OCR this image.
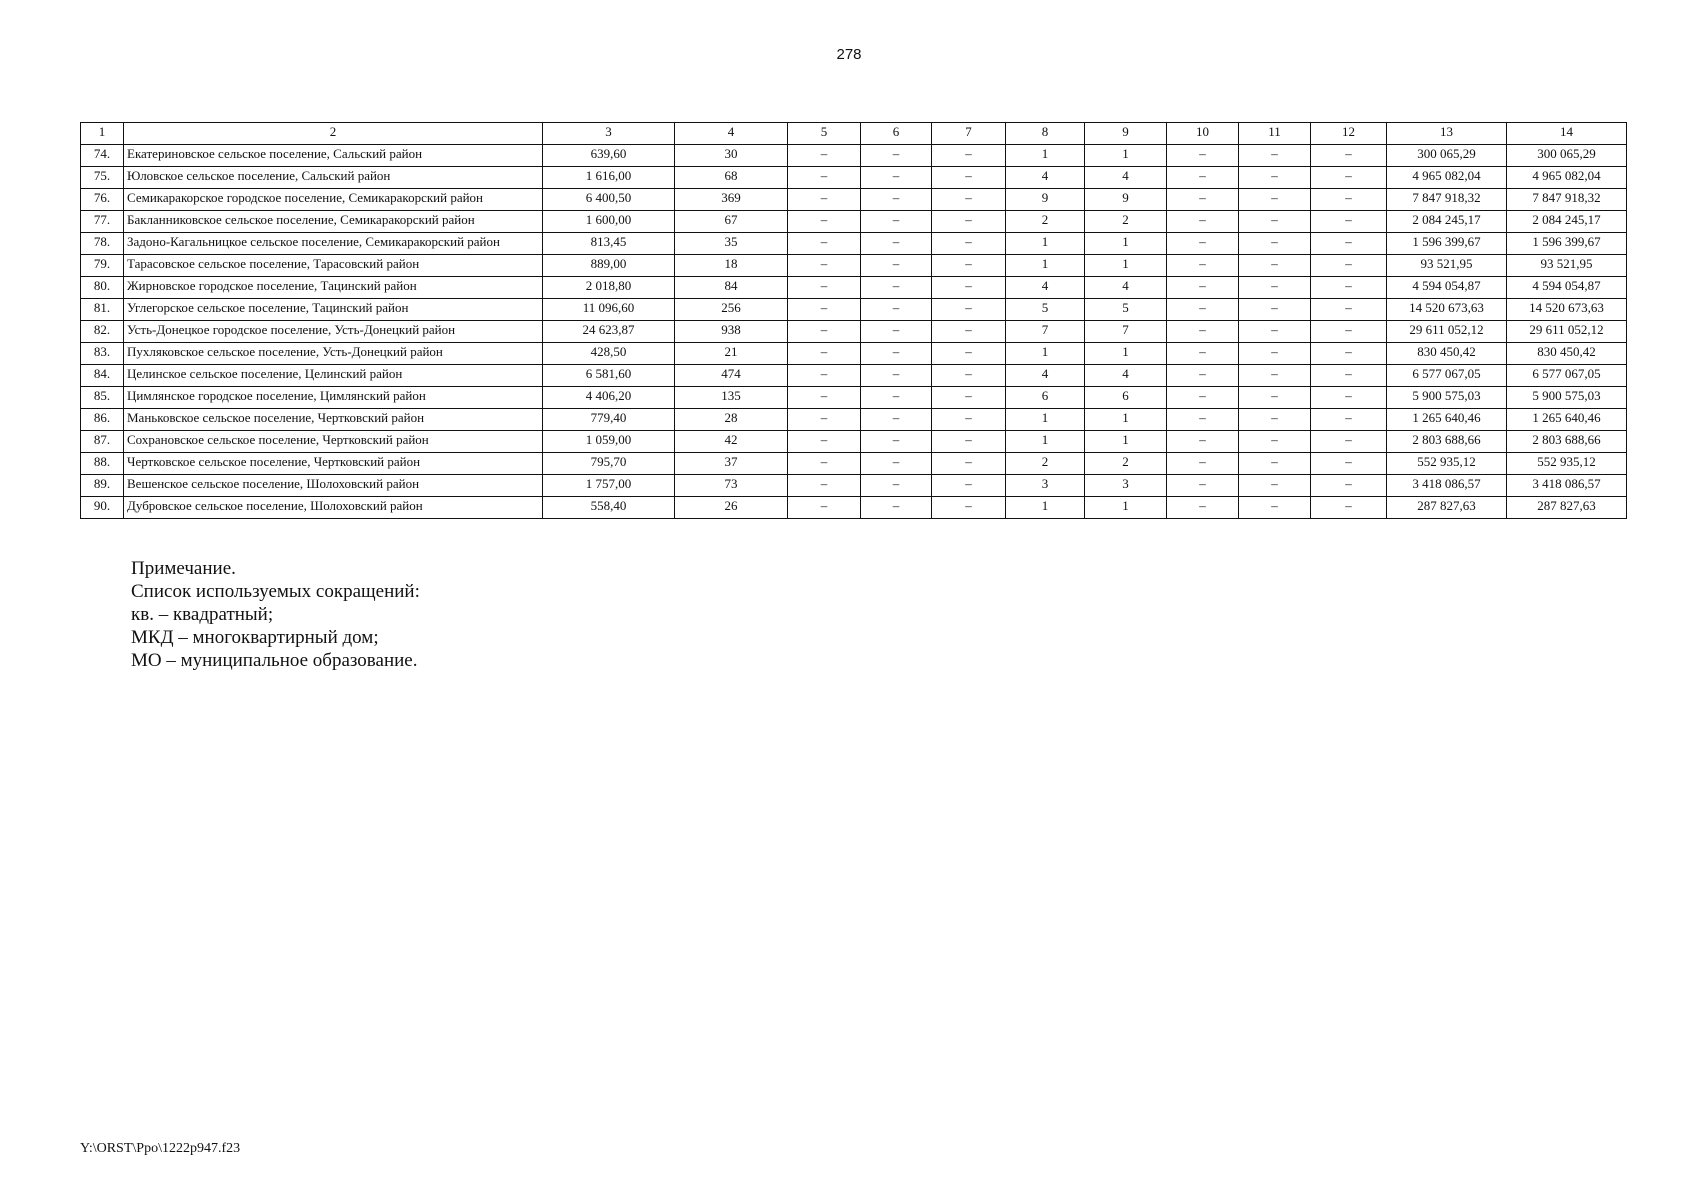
278
1	2	3	4	5	6	7	8	9	10	11	12	13	14
74.	Екатериновское сельское поселение, Сальский район	639,60	30	–	–	–	1	1	–	–	–	300 065,29	300 065,29
75.	Юловское сельское поселение, Сальский район	1 616,00	68	–	–	–	4	4	–	–	–	4 965 082,04	4 965 082,04
76.	Семикаракорское городское поселение, Семикаракорский район	6 400,50	369	–	–	–	9	9	–	–	–	7 847 918,32	7 847 918,32
77.	Бакланниковское сельское поселение, Семикаракорский район	1 600,00	67	–	–	–	2	2	–	–	–	2 084 245,17	2 084 245,17
78.	Задоно-Кагальницкое сельское поселение, Семикаракорский район	813,45	35	–	–	–	1	1	–	–	–	1 596 399,67	1 596 399,67
79.	Тарасовское сельское поселение, Тарасовский район	889,00	18	–	–	–	1	1	–	–	–	93 521,95	93 521,95
80.	Жирновское городское поселение, Тацинский район	2 018,80	84	–	–	–	4	4	–	–	–	4 594 054,87	4 594 054,87
81.	Углегорское сельское поселение, Тацинский район	11 096,60	256	–	–	–	5	5	–	–	–	14 520 673,63	14 520 673,63
82.	Усть-Донецкое городское поселение, Усть-Донецкий район	24 623,87	938	–	–	–	7	7	–	–	–	29 611 052,12	29 611 052,12
83.	Пухляковское сельское поселение, Усть-Донецкий район	428,50	21	–	–	–	1	1	–	–	–	830 450,42	830 450,42
84.	Целинское сельское поселение, Целинский район	6 581,60	474	–	–	–	4	4	–	–	–	6 577 067,05	6 577 067,05
85.	Цимлянское городское поселение, Цимлянский район	4 406,20	135	–	–	–	6	6	–	–	–	5 900 575,03	5 900 575,03
86.	Маньковское сельское поселение, Чертковский район	779,40	28	–	–	–	1	1	–	–	–	1 265 640,46	1 265 640,46
87.	Сохрановское сельское поселение, Чертковский район	1 059,00	42	–	–	–	1	1	–	–	–	2 803 688,66	2 803 688,66
88.	Чертковское сельское поселение, Чертковский район	795,70	37	–	–	–	2	2	–	–	–	552 935,12	552 935,12
89.	Вешенское сельское поселение, Шолоховский район	1 757,00	73	–	–	–	3	3	–	–	–	3 418 086,57	3 418 086,57
90.	Дубровское сельское поселение, Шолоховский район	558,40	26	–	–	–	1	1	–	–	–	287 827,63	287 827,63
Примечание.
Список используемых сокращений:
кв. – квадратный;
МКД – многоквартирный дом;
МО – муниципальное образование.
Y:\ORST\Ppo\1222p947.f23
